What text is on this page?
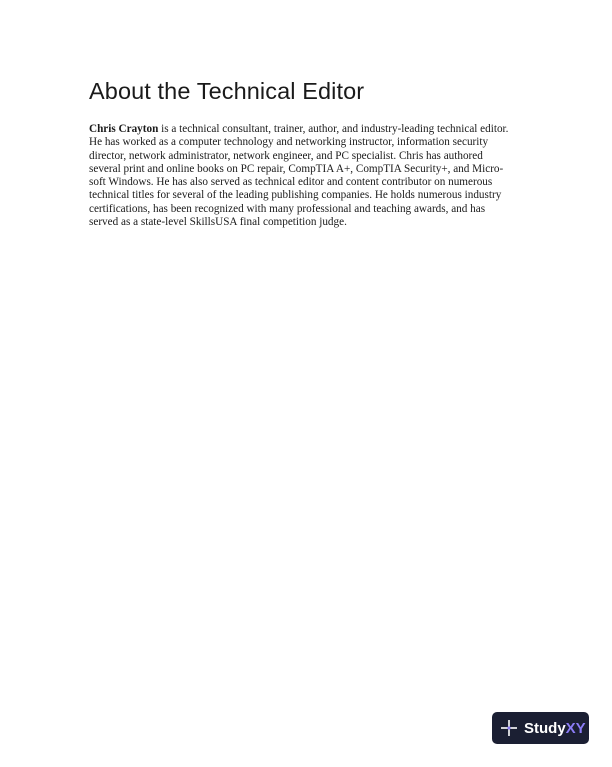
About the Technical Editor
Chris Crayton is a technical consultant, trainer, author, and industry-leading technical editor.
He has worked as a computer technology and networking instructor, information security
director, network administrator, network engineer, and PC specialist. Chris has authored
several print and online books on PC repair, CompTIA A+, CompTIA Security+, and Micro-
soft Windows. He has also served as technical editor and content contributor on numerous
technical titles for several of the leading publishing companies. He holds numerous industry
certifications, has been recognized with many professional and teaching awards, and has
served as a state-level SkillsUSA final competition judge.
StudyXY
